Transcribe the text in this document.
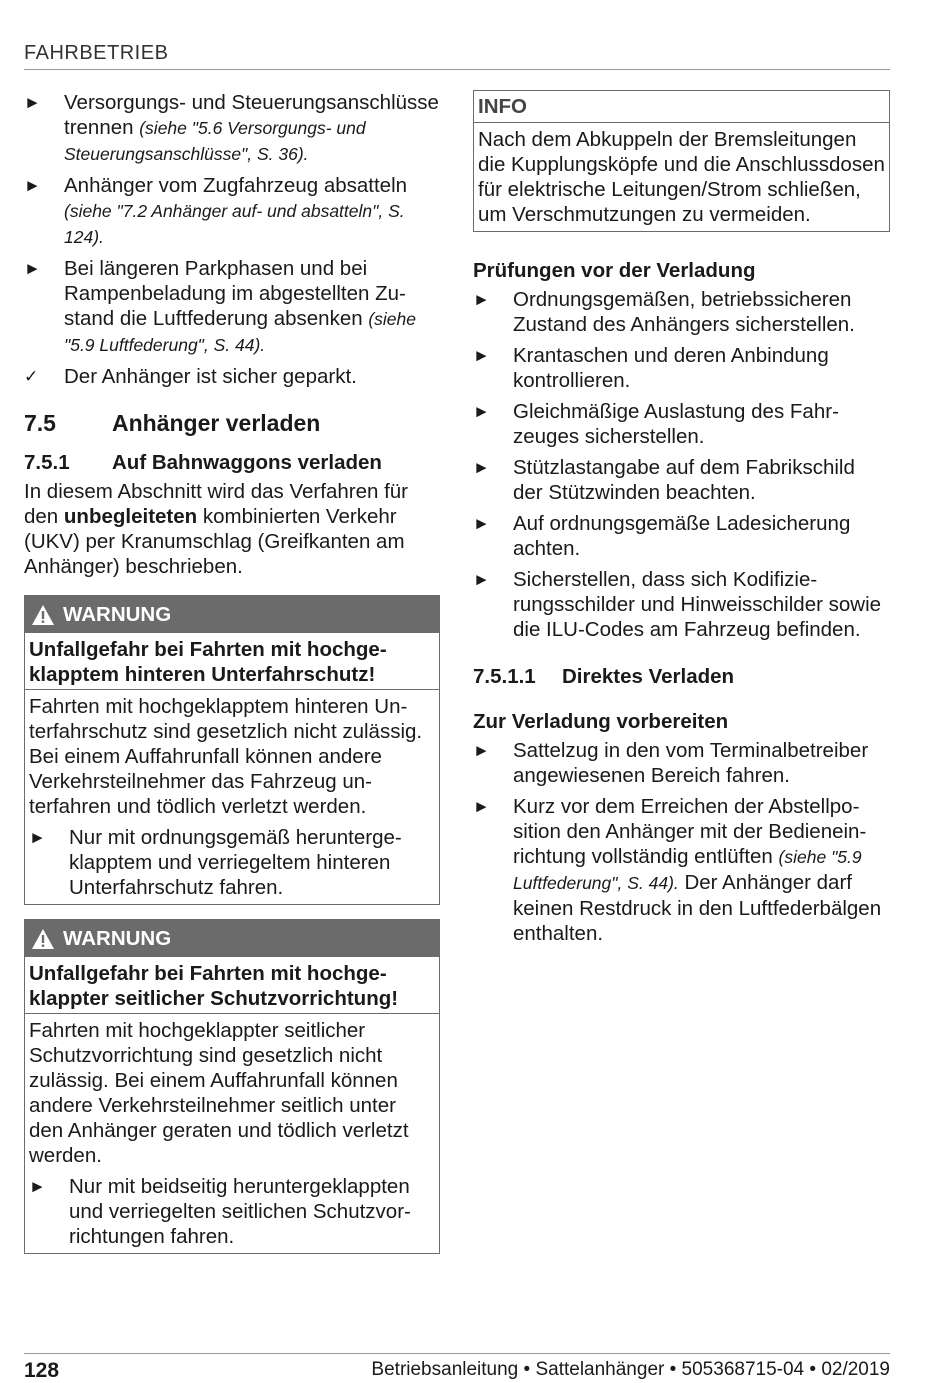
FAHRBETRIEB
►	Versorgungs- und Steuerungsanschlüsse trennen (siehe "5.6 Versorgungs- und Steuerungsanschlüsse", S. 36).
►	Anhänger vom Zugfahrzeug absatteln
(siehe "7.2 Anhänger auf- und absatteln", S. 124).
►	Bei längeren Parkphasen und bei Rampenbeladung im abgestellten Zustand die Luftfederung absenken (siehe "5.9 Luftfederung", S. 44).
✓	Der Anhänger ist sicher geparkt.
7.5	Anhänger verladen
7.5.1	Auf Bahnwaggons verladen

In diesem Abschnitt wird das Verfahren für den unbegleiteten kombinierten Verkehr (UKV) per Kranumschlag (Greifkanten am Anhänger) beschrieben.

WARNUNG
Unfallgefahr bei Fahrten mit hochgeklapptem hinteren Unterfahrschutz!

Fahrten mit hochgeklapptem hinteren Unterfahrschutz sind gesetzlich nicht zulässig. Bei einem Auffahrunfall können andere Verkehrsteilnehmer das Fahrzeug unterfahren und tödlich verletzt werden.

►	Nur mit ordnungsgemäß heruntergeklapptem und verriegeltem hinteren Unterfahrschutz fahren.
WARNUNG
Unfallgefahr bei Fahrten mit hochgeklappter seitlicher Schutzvorrichtung!

Fahrten mit hochgeklappter seitlicher Schutzvorrichtung sind gesetzlich nicht zulässig. Bei einem Auffahrunfall können andere Verkehrsteilnehmer seitlich unter den Anhänger geraten und tödlich verletzt werden.

►	Nur mit beidseitig heruntergeklappten und verriegelten seitlichen Schutzvorrichtungen fahren.
INFO
Nach dem Abkuppeln der Bremsleitungen die Kupplungsköpfe und die Anschlussdosen für elektrische Leitungen/Strom schließen, um Verschmutzungen zu vermeiden.
Prüfungen vor der Verladung
►	Ordnungsgemäßen, betriebssicheren Zustand des Anhängers sicherstellen.
►	Krantaschen und deren Anbindung kontrollieren.
►	Gleichmäßige Auslastung des Fahrzeuges sicherstellen.
►	Stützlastangabe auf dem Fabrikschild der Stützwinden beachten.
►	Auf ordnungsgemäße Ladesicherung achten.
►	Sicherstellen, dass sich Kodifizierungsschilder und Hinweisschilder sowie die ILU-Codes am Fahrzeug befinden.
7.5.1.1	Direktes Verladen
Zur Verladung vorbereiten
►	Sattelzug in den vom Terminalbetreiber angewiesenen Bereich fahren.
►	Kurz vor dem Erreichen der Abstellposition den Anhänger mit der Bedieneinrichtung vollständig entlüften (siehe "5.9 Luftfederung", S. 44). Der Anhänger darf keinen Restdruck in den Luftfederbälgen enthalten.
128	Betriebsanleitung • Sattelanhänger • 505368715-04 • 02/2019
